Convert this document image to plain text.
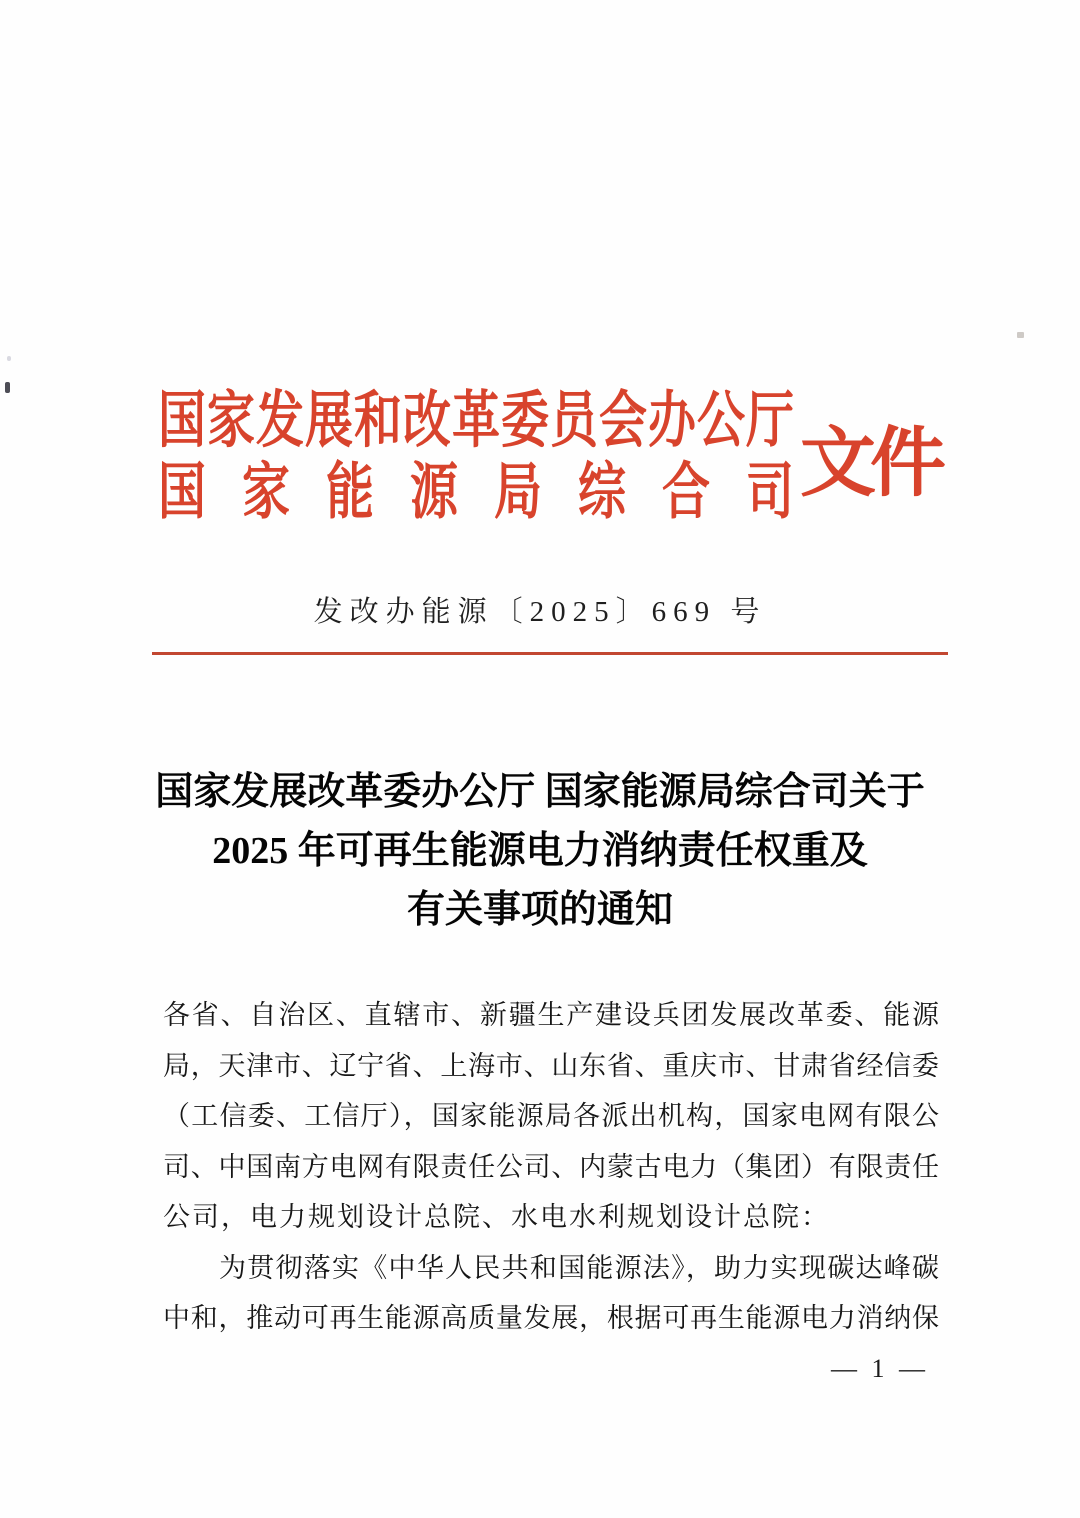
国家发展和改革委员会办公厅
国家能源局综合司 文件
发改办能源〔2025〕669 号
国家发展改革委办公厅 国家能源局综合司关于
2025 年可再生能源电力消纳责任权重及
有关事项的通知
各省、自治区、直辖市、新疆生产建设兵团发展改革委、能源
局，天津市、辽宁省、上海市、山东省、重庆市、甘肃省经信委
（工信委、工信厅），国家能源局各派出机构，国家电网有限公
司、中国南方电网有限责任公司、内蒙古电力（集团）有限责任
公司，电力规划设计总院、水电水利规划设计总院：
为贯彻落实《中华人民共和国能源法》，助力实现碳达峰碳
中和，推动可再生能源高质量发展，根据可再生能源电力消纳保
— 1 —
